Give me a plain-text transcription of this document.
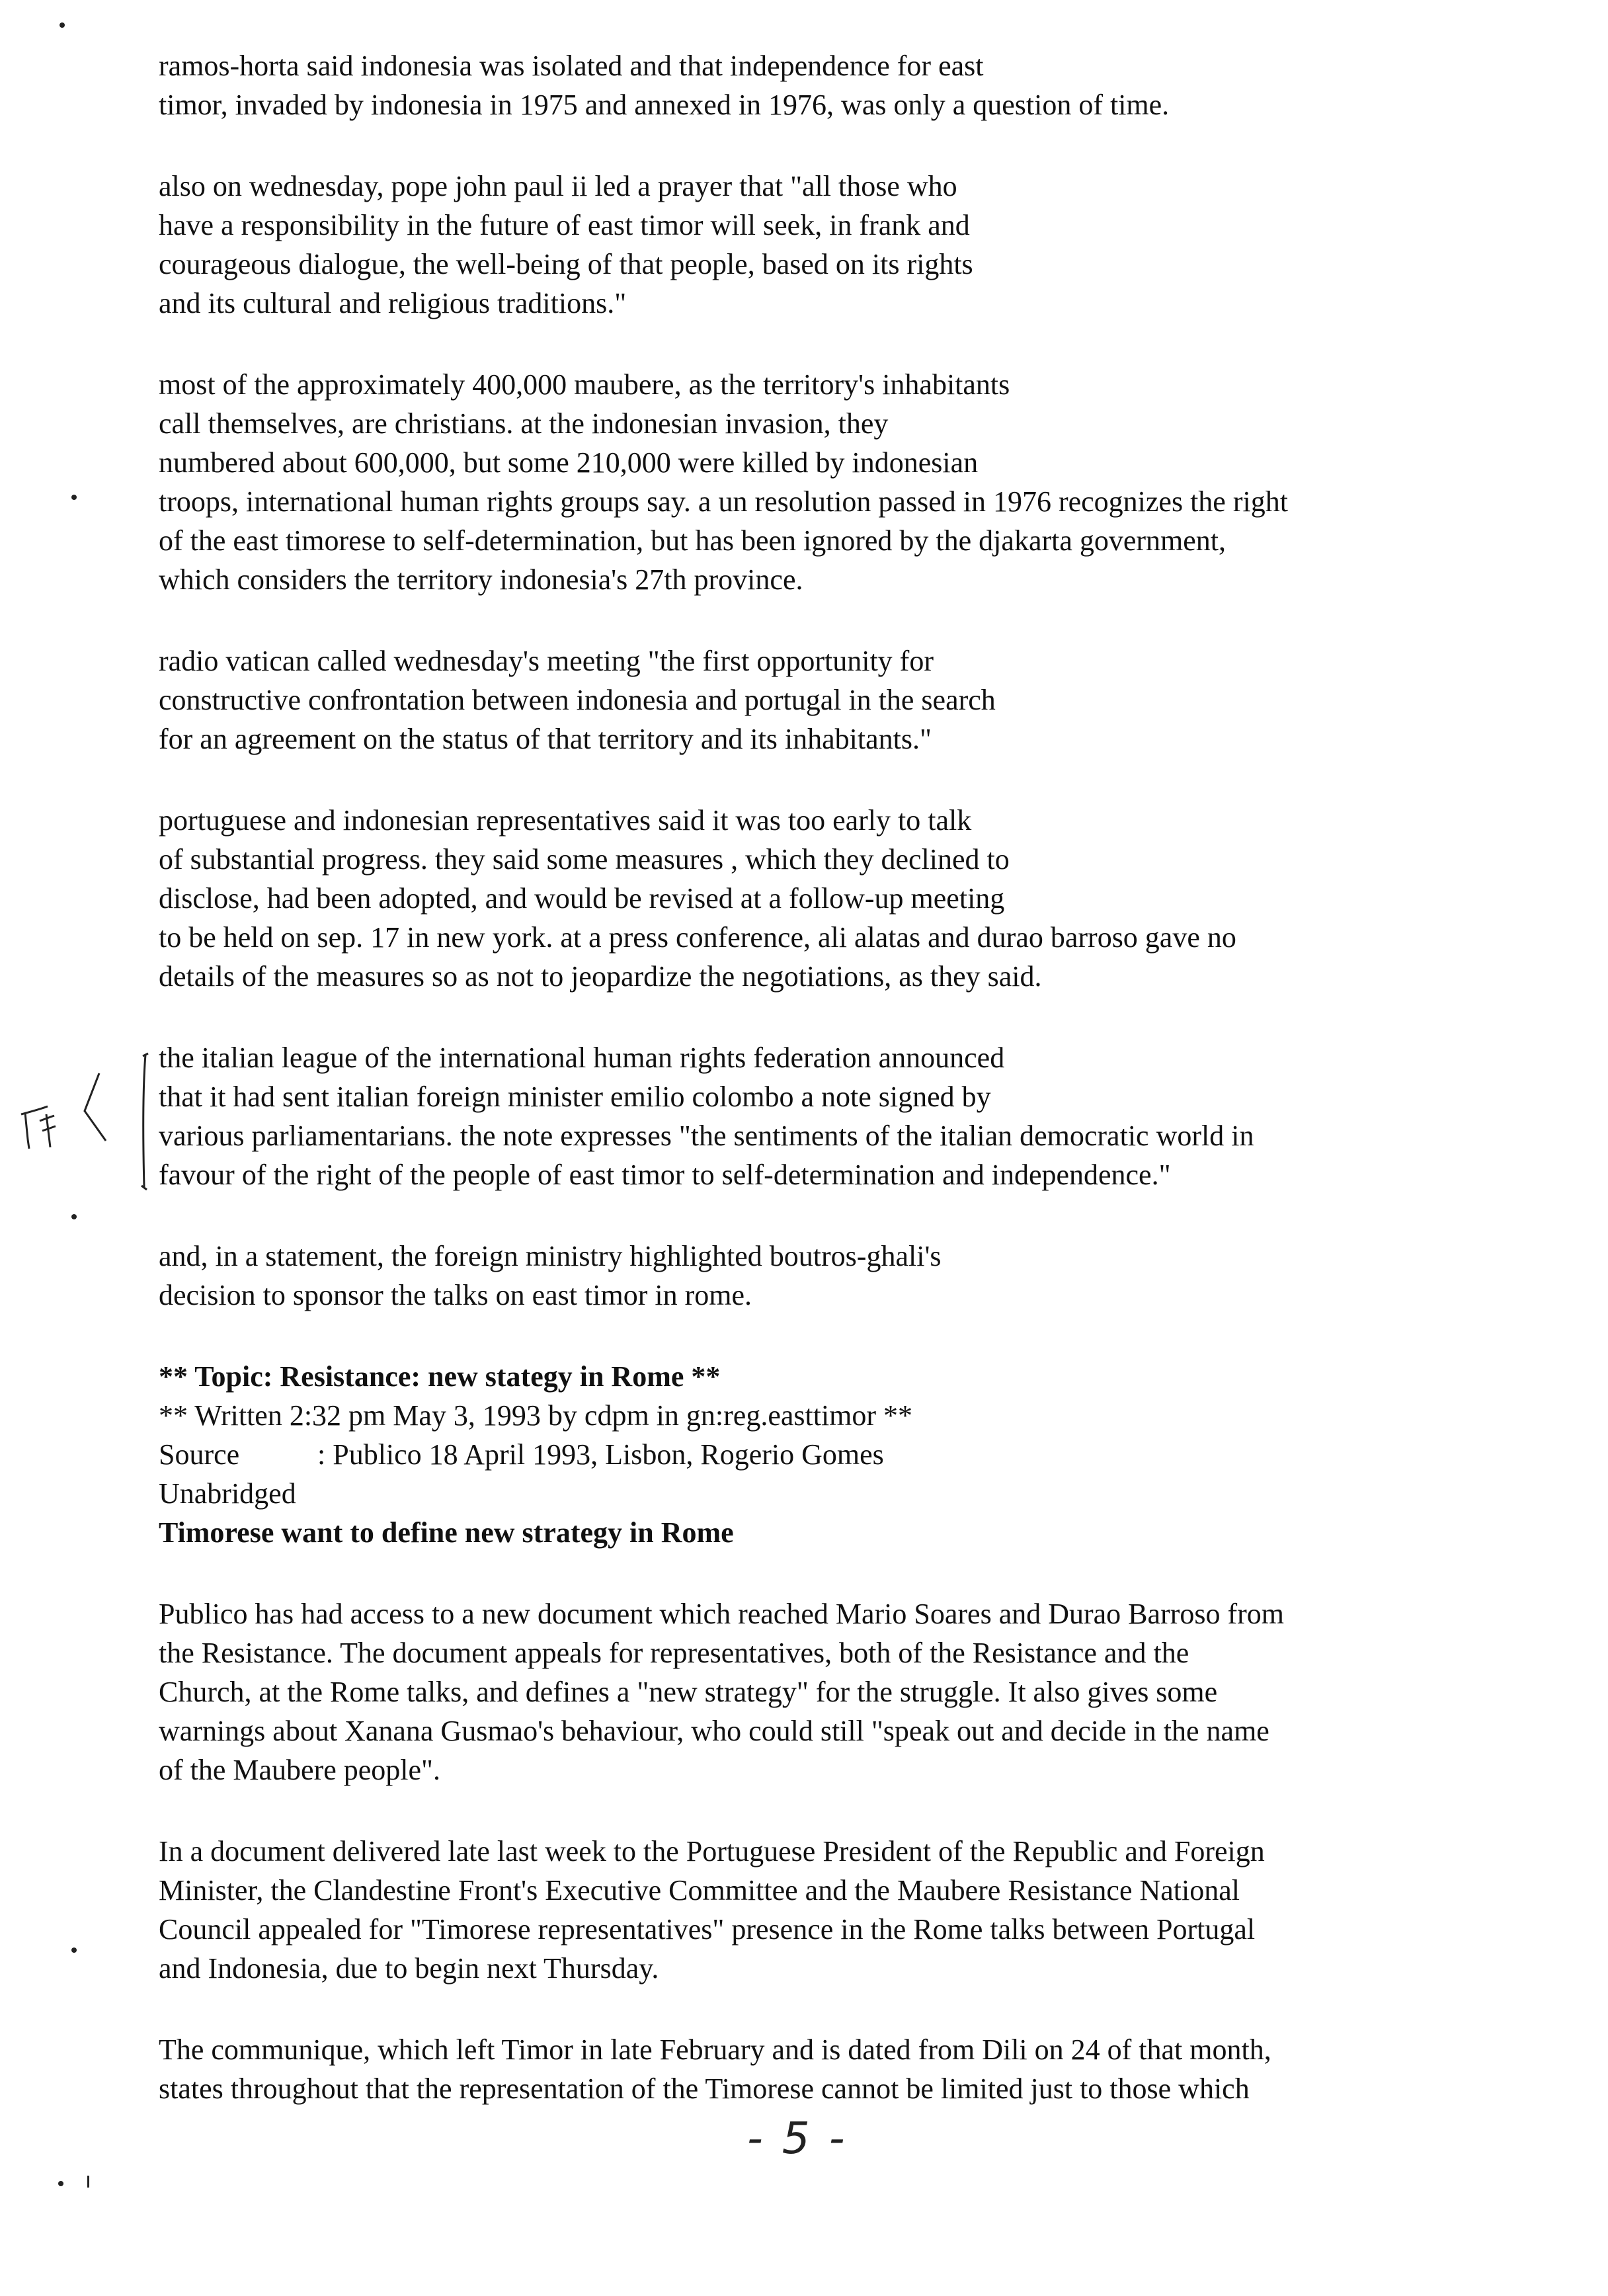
ramos-horta said indonesia was isolated and that independence for east
timor, invaded by indonesia in 1975 and annexed in 1976, was only a question of time.
also on wednesday, pope john paul ii led a prayer that "all those who
have a responsibility in the future of east timor will seek, in frank and
courageous dialogue, the well-being of that people, based on its rights
and its cultural and religious traditions."
most of the approximately 400,000 maubere, as the territory's inhabitants
call themselves, are christians. at the indonesian invasion, they
numbered about 600,000, but some 210,000 were killed by indonesian
troops, international human rights groups say. a un resolution passed in 1976 recognizes the right
of the east timorese to self-determination, but has been ignored by the djakarta government,
which considers the territory indonesia's 27th province.
radio vatican called wednesday's meeting "the first opportunity for
constructive confrontation between indonesia and portugal in the search
for an agreement on the status of that territory and its inhabitants."
portuguese and indonesian representatives said it was too early to talk
of substantial progress. they said some measures , which they declined to
disclose, had been adopted, and would be revised at a follow-up meeting
to be held on sep. 17 in new york. at a press conference, ali alatas and durao barroso gave no
details of the measures so as not to jeopardize the negotiations, as they said.
the italian league of the international human rights federation announced
that it had sent italian foreign minister emilio colombo a note signed by
various parliamentarians. the note expresses "the sentiments of the italian democratic world in
favour of the right of the people of east timor to self-determination and independence."
and, in a statement, the foreign ministry highlighted boutros-ghali's
decision to sponsor the talks on east timor in rome.
** Topic: Resistance: new stategy in Rome **
** Written 2:32 pm May 3, 1993 by cdpm in gn:reg.easttimor **
Source	: Publico 18 April 1993, Lisbon, Rogerio Gomes
Unabridged
Timorese want to define new strategy in Rome
Publico has had access to a new document which reached Mario Soares and Durao Barroso from
the Resistance. The document appeals for representatives, both of the Resistance and the
Church, at the Rome talks, and defines a "new strategy" for the struggle. It also gives some
warnings about Xanana Gusmao's behaviour, who could still "speak out and decide in the name
of the Maubere people".
In a document delivered late last week to the Portuguese President of the Republic and Foreign
Minister, the Clandestine Front's Executive Committee and the Maubere Resistance National
Council appealed for "Timorese representatives" presence in the Rome talks between Portugal
and Indonesia, due to begin next Thursday.
The communique, which left Timor in late February and is dated from Dili on 24 of that month,
states throughout that the representation of the Timorese cannot be limited just to those which
- 5 -
